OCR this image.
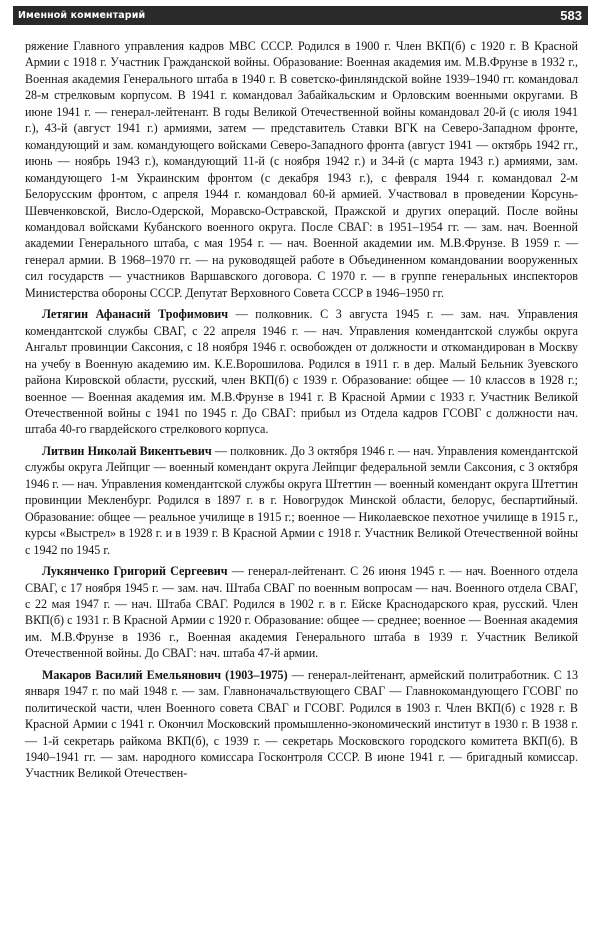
Именной комментарий	583

ряжение Главного управления кадров МВС СССР. Родился в 1900 г. Член ВКП(б) с 1920 г. В Красной Армии с 1918 г. Участник Гражданской войны. Образование: Военная академия им. М.В.Фрунзе в 1932 г., Военная академия Генерального штаба в 1940 г. В советско-финляндской войне 1939–1940 гг. командовал 28-м стрелковым корпусом. В 1941 г. командовал Забайкальским и Орловским военными округами. В июне 1941 г. — генерал-лейтенант. В годы Великой Отечественной войны командовал 20-й (с июля 1941 г.), 43-й (август 1941 г.) армиями, затем — представитель Ставки ВГК на Северо-Западном фронте, командующий и зам. командующего войсками Северо-Западного фронта (август 1941 — октябрь 1942 гг., июнь — ноябрь 1943 г.), командующий 11-й (с ноября 1942 г.) и 34-й (с марта 1943 г.) армиями, зам. командующего 1-м Украинским фронтом (с декабря 1943 г.), с февраля 1944 г. командовал 2-м Белорусским фронтом, с апреля 1944 г. командовал 60-й армией. Участвовал в проведении Корсунь-Шевченковской, Висло-Одерской, Моравско-Остравской, Пражской и других операций. После войны командовал войсками Кубанского военного округа. После СВАГ: в 1951–1954 гг. — зам. нач. Военной академии Генерального штаба, с мая 1954 г. — нач. Военной академии им. М.В.Фрунзе. В 1959 г. — генерал армии. В 1968–1970 гг. — на руководящей работе в Объединенном командовании вооруженных сил государств — участников Варшавского договора. С 1970 г. — в группе генеральных инспекторов Министерства обороны СССР. Депутат Верховного Совета СССР в 1946–1950 гг.

Летягин Афанасий Трофимович — полковник. С 3 августа 1945 г. — зам. нач. Управления комендантской службы СВАГ, с 22 апреля 1946 г. — нач. Управления комендантской службы округа Ангальт провинции Саксония, с 18 ноября 1946 г. освобожден от должности и откомандирован в Москву на учебу в Военную академию им. К.Е.Ворошилова. Родился в 1911 г. в дер. Малый Бельник Зуевского района Кировской области, русский, член ВКП(б) с 1939 г. Образование: общее — 10 классов в 1928 г.; военное — Военная академия им. М.В.Фрунзе в 1941 г. В Красной Армии с 1933 г. Участник Великой Отечественной войны с 1941 по 1945 г. До СВАГ: прибыл из Отдела кадров ГСОВГ с должности нач. штаба 40-го гвардейского стрелкового корпуса.

Литвин Николай Викентьевич — полковник. До 3 октября 1946 г. — нач. Управления комендантской службы округа Лейпциг — военный комендант округа Лейпциг федеральной земли Саксония, с 3 октября 1946 г. — нач. Управления комендантской службы округа Штеттин — военный комендант округа Штеттин провинции Мекленбург. Родился в 1897 г. в г. Новогрудок Минской области, белорус, беспартийный. Образование: общее — реальное училище в 1915 г.; военное — Николаевское пехотное училище в 1915 г., курсы «Выстрел» в 1928 г. и в 1939 г. В Красной Армии с 1918 г. Участник Великой Отечественной войны с 1942 по 1945 г.

Лукянченко Григорий Сергеевич — генерал-лейтенант. С 26 июня 1945 г. — нач. Военного отдела СВАГ, с 17 ноября 1945 г. — зам. нач. Штаба СВАГ по военным вопросам — нач. Военного отдела СВАГ, с 22 мая 1947 г. — нач. Штаба СВАГ. Родился в 1902 г. в г. Ейске Краснодарского края, русский. Член ВКП(б) с 1931 г. В Красной Армии с 1920 г. Образование: общее — среднее; военное — Военная академия им. М.В.Фрунзе в 1936 г., Военная академия Генерального штаба в 1939 г. Участник Великой Отечественной войны. До СВАГ: нач. штаба 47-й армии.

Макаров Василий Емельянович (1903–1975) — генерал-лейтенант, армейский политработник. С 13 января 1947 г. по май 1948 г. — зам. Главноначальствующего СВАГ — Главнокомандующего ГСОВГ по политической части, член Военного совета СВАГ и ГСОВГ. Родился в 1903 г. Член ВКП(б) с 1928 г. В Красной Армии с 1941 г. Окончил Московский промышленно-экономический институт в 1930 г. В 1938 г. — 1-й секретарь райкома ВКП(б), с 1939 г. — секретарь Московского городского комитета ВКП(б). В 1940–1941 гг. — зам. народного комиссара Госконтроля СССР. В июне 1941 г. — бригадный комиссар. Участник Великой Отечествен-
